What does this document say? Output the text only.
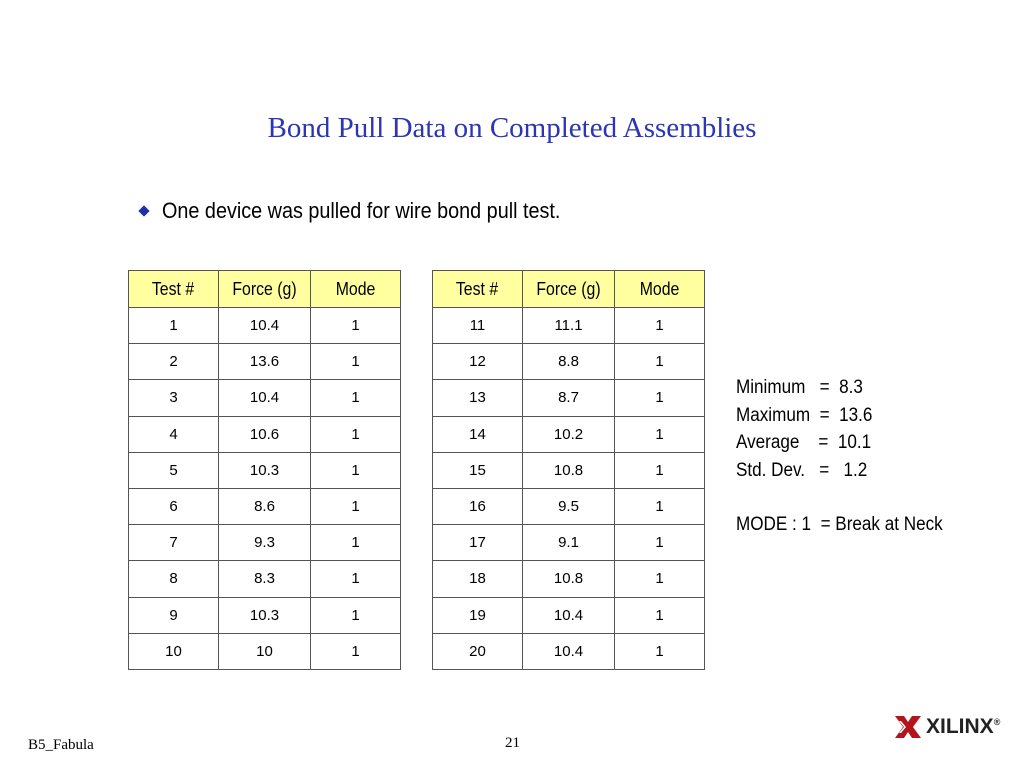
Bond Pull Data on Completed Assemblies
One device was pulled for wire bond pull test.
Test #	Force (g)	Mode		Test #	Force (g)	Mode
1	10.4	1		11	11.1	1
2	13.6	1		12	8.8	1
3	10.4	1		13	8.7	1
4	10.6	1		14	10.2	1
5	10.3	1		15	10.8	1
6	8.6	1		16	9.5	1
7	9.3	1		17	9.1	1
8	8.3	1		18	10.8	1
9	10.3	1		19	10.4	1
10	10	1		20	10.4	1
Minimum   =  8.3
Maximum  =  13.6
Average    =  10.1
Std. Dev.   =   1.2
MODE : 1  = Break at Neck
B5_Fabula	21
XILINX®
